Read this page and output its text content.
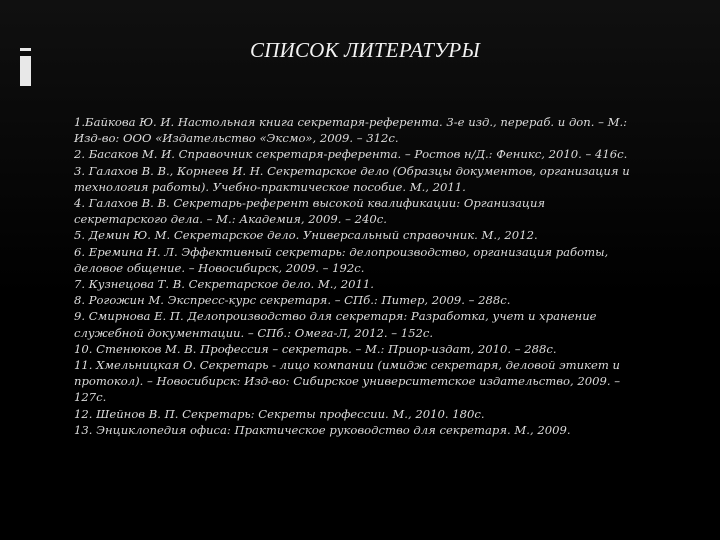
СПИСОК ЛИТЕРАТУРЫ

1.Байкова Ю. И. Настольная книга секретаря-референта. 3-е изд., перераб. и доп. – М.:

Изд-во: ООО «Издательство «Эксмо», 2009. – 312с.

2. Басаков М. И. Справочник секретаря-референта. – Ростов н/Д.: Феникс, 2010. – 416с.

3. Галахов В. В., Корнеев И. Н. Секретарское дело (Образцы документов, организация и

технология работы). Учебно-практическое пособие. М., 2011.

4. Галахов В. В. Секретарь-референт высокой квалификации: Организация

секретарского дела. – М.: Академия, 2009. – 240с.

5. Демин Ю. М. Секретарское дело. Универсальный справочник. М., 2012.

6. Еремина Н. Л. Эффективный секретарь: делопроизводство, организация работы,

деловое общение. – Новосибирск, 2009. – 192с.

7. Кузнецова Т. В. Секретарское дело. М., 2011.

8. Рогожин М. Экспресс-курс секретаря. – СПб.: Питер, 2009. – 288с.

9. Смирнова Е. П. Делопроизводство для секретаря: Разработка, учет и хранение

служебной документации. – СПб.: Омега-Л, 2012. – 152с.

10. Стенюков М. В. Профессия – секретарь. – М.: Приор-издат, 2010. – 288с.

11. Хмельницкая О. Секретарь - лицо компании (имидж секретаря, деловой этикет и

протокол). – Новосибирск: Изд-во: Сибирское университетское издательство, 2009. –

127с.

12. Шейнов В. П. Секретарь: Секреты профессии. М., 2010. 180с.

13. Энциклопедия офиса: Практическое руководство для секретаря. М., 2009.
